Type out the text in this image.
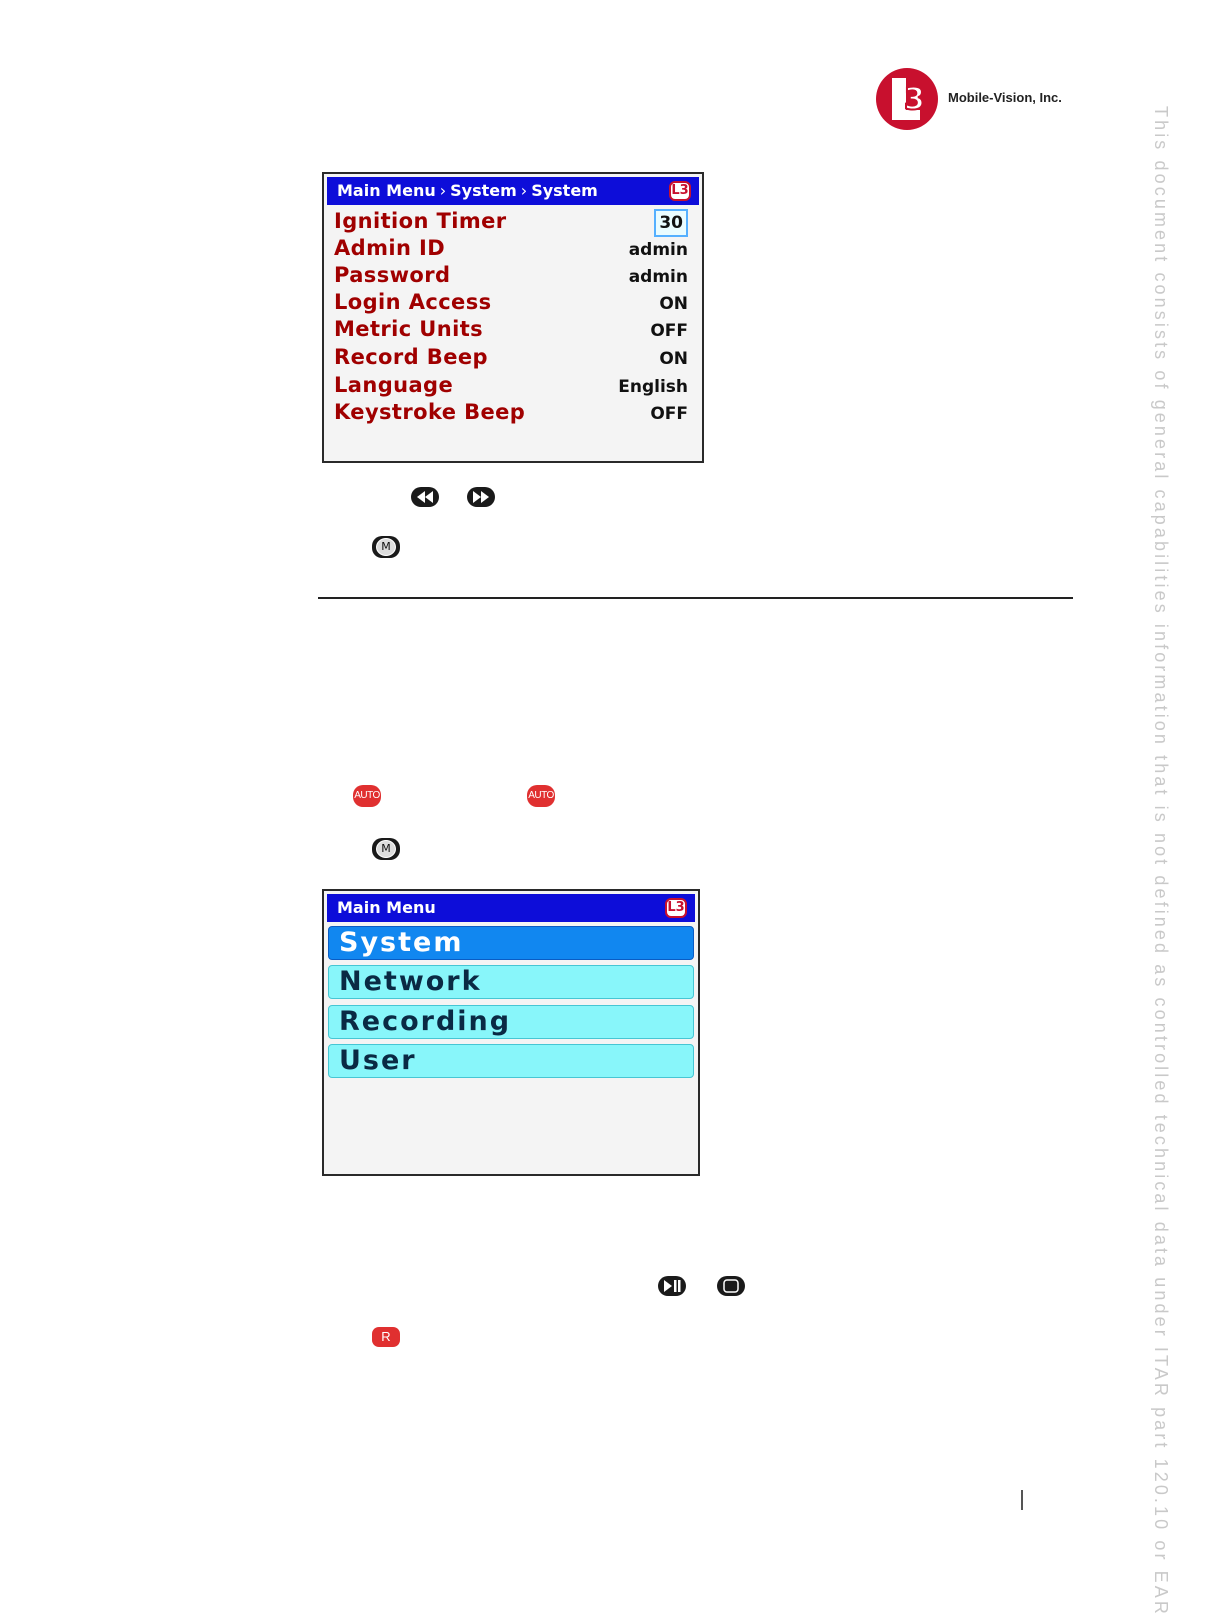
3 Mobile-Vision, Inc.
This document consists of general capabilities information that is not defined as controlled technical data under ITAR part 120.10 or EAR
Main Menu › System › System	L3
Ignition Timer	30
Admin ID	admin
Password	admin
Login Access	ON
Metric Units	OFF
Record Beep	ON
Language	English
Keystroke Beep	OFF
M
AUTO	AUTO
M
Main Menu	L3
System
Network
Recording
User
R
